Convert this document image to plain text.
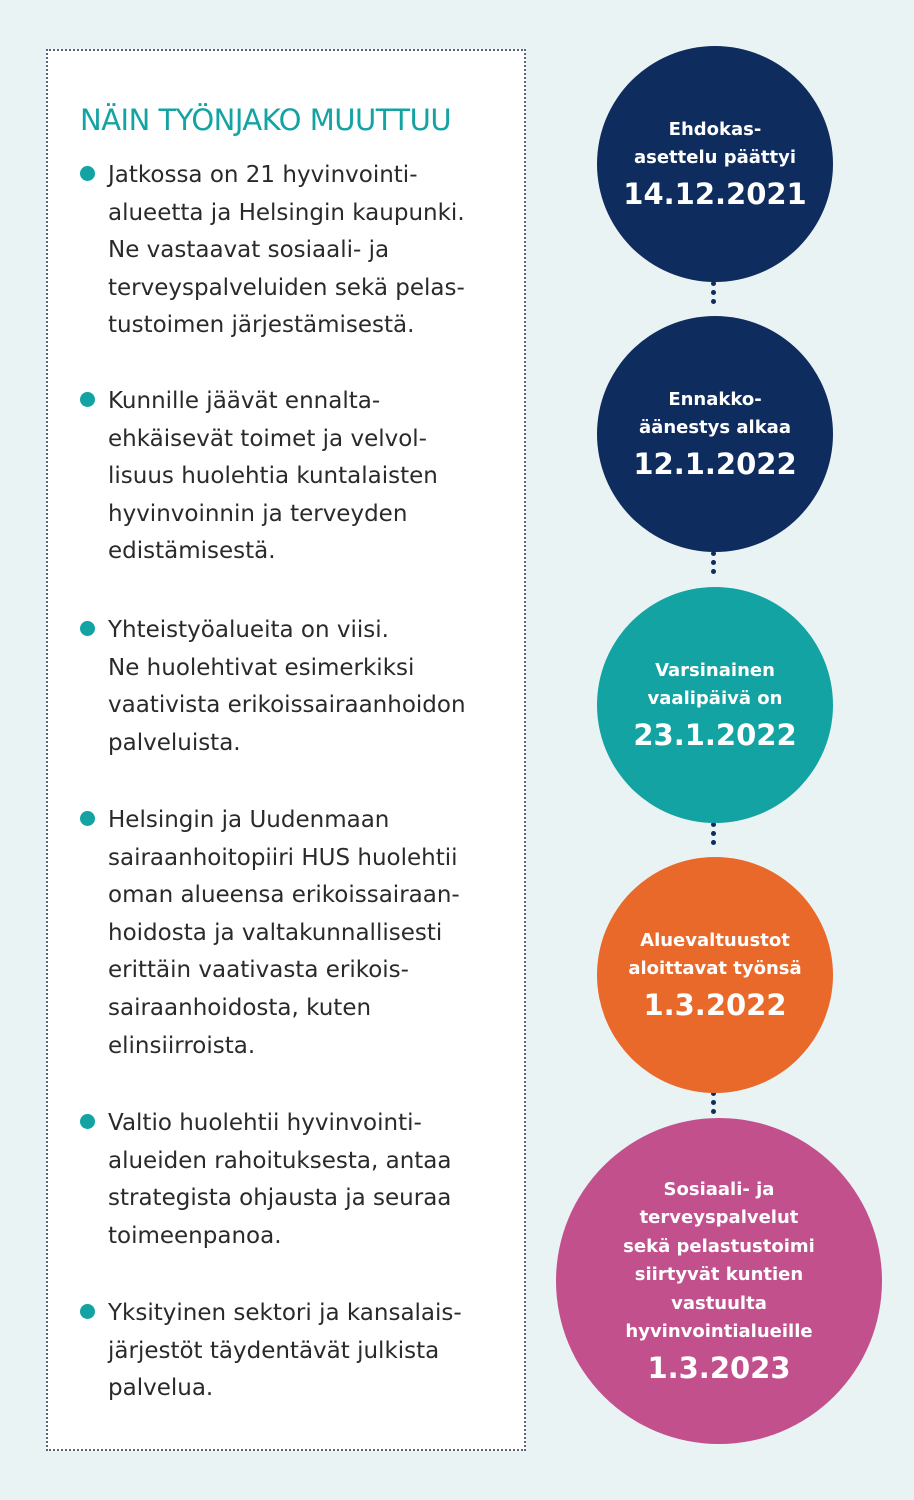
NÄIN TYÖNJAKO MUUTTUU
Jatkossa on 21 hyvinvointi-
alueetta ja Helsingin kaupunki.
Ne vastaavat sosiaali- ja
terveyspalveluiden sekä pelas-
tustoimen järjestämisestä.
Kunnille jäävät ennalta-
ehkäisevät toimet ja velvol-
lisuus huolehtia kuntalaisten
hyvinvoinnin ja terveyden
edistämisestä.
Yhteistyöalueita on viisi.
Ne huolehtivat esimerkiksi
vaativista erikoissairaanhoidon
palveluista.
Helsingin ja Uudenmaan
sairaanhoitopiiri HUS huolehtii
oman alueensa erikoissairaan-
hoidosta ja valtakunnallisesti
erittäin vaativasta erikois-
sairaanhoidosta, kuten
elinsiirroista.
Valtio huolehtii hyvinvointi-
alueiden rahoituksesta, antaa
strategista ohjausta ja seuraa
toimeenpanoa.
Yksityinen sektori ja kansalais-
järjestöt täydentävät julkista
palvelua.
Ehdokas-
asettelu päättyi
14.12.2021
Ennakko-
äänestys alkaa
12.1.2022
Varsinainen
vaalipäivä on
23.1.2022
Aluevaltuustot
aloittavat työnsä
1.3.2022
Sosiaali- ja
terveyspalvelut
sekä pelastustoimi
siirtyvät kuntien
vastuulta
hyvinvointialueille
1.3.2023
